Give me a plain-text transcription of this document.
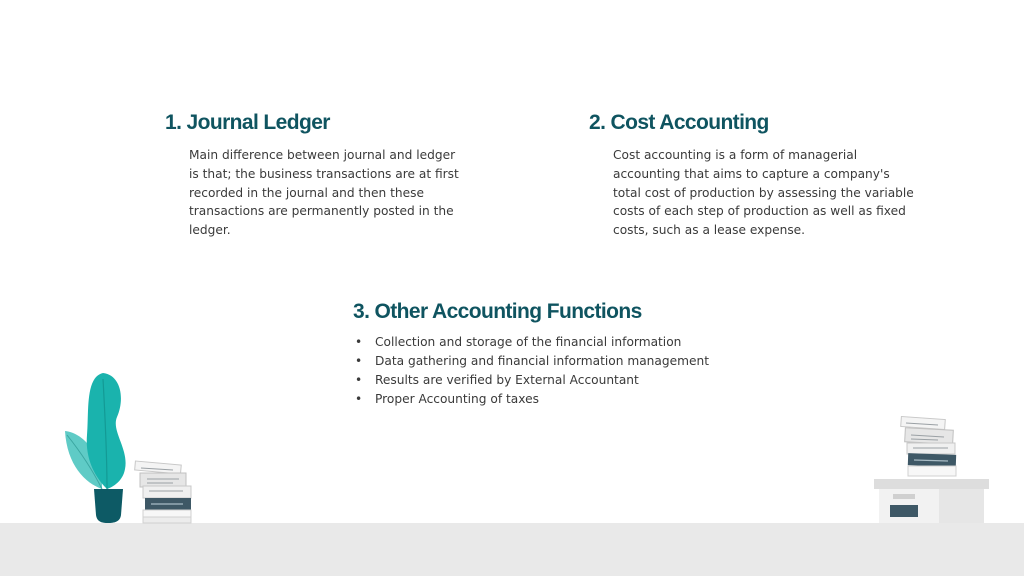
1. Journal Ledger

Main difference between journal and ledger is that; the business transactions are at first recorded in the journal and then these transactions are permanently posted in the ledger.

2. Cost Accounting

Cost accounting is a form of managerial accounting that aims to capture a company's total cost of production by assessing the variable costs of each step of production as well as fixed costs, such as a lease expense.

3. Other Accounting Functions
• Collection and storage of the financial information
• Data gathering and financial information management
• Results are verified by External Accountant
• Proper Accounting of taxes
